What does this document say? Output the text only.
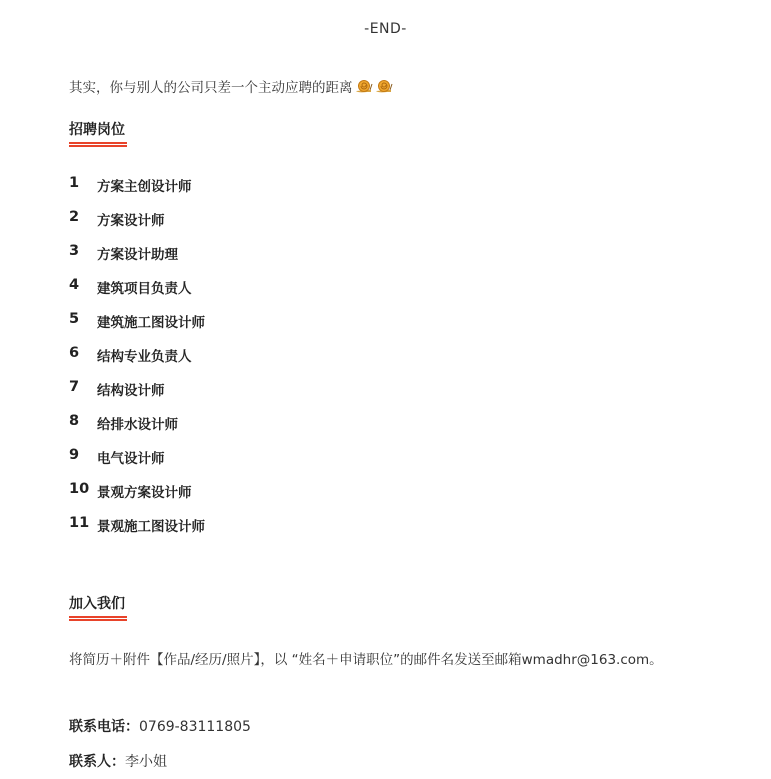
-END-
其实，你与别人的公司只差一个主动应聘的距离
招聘岗位
1	方案主创设计师
2	方案设计师
3	方案设计助理
4	建筑项目负责人
5	建筑施工图设计师
6	结构专业负责人
7	结构设计师
8	给排水设计师
9	电气设计师
10 景观方案设计师
11 景观施工图设计师
加入我们
将简历＋附件【作品/经历/照片】，以 “姓名＋申请职位”的邮件名发送至邮箱wmadhr@163.com。
联系电话：0769-83111805
联系人：李小姐
